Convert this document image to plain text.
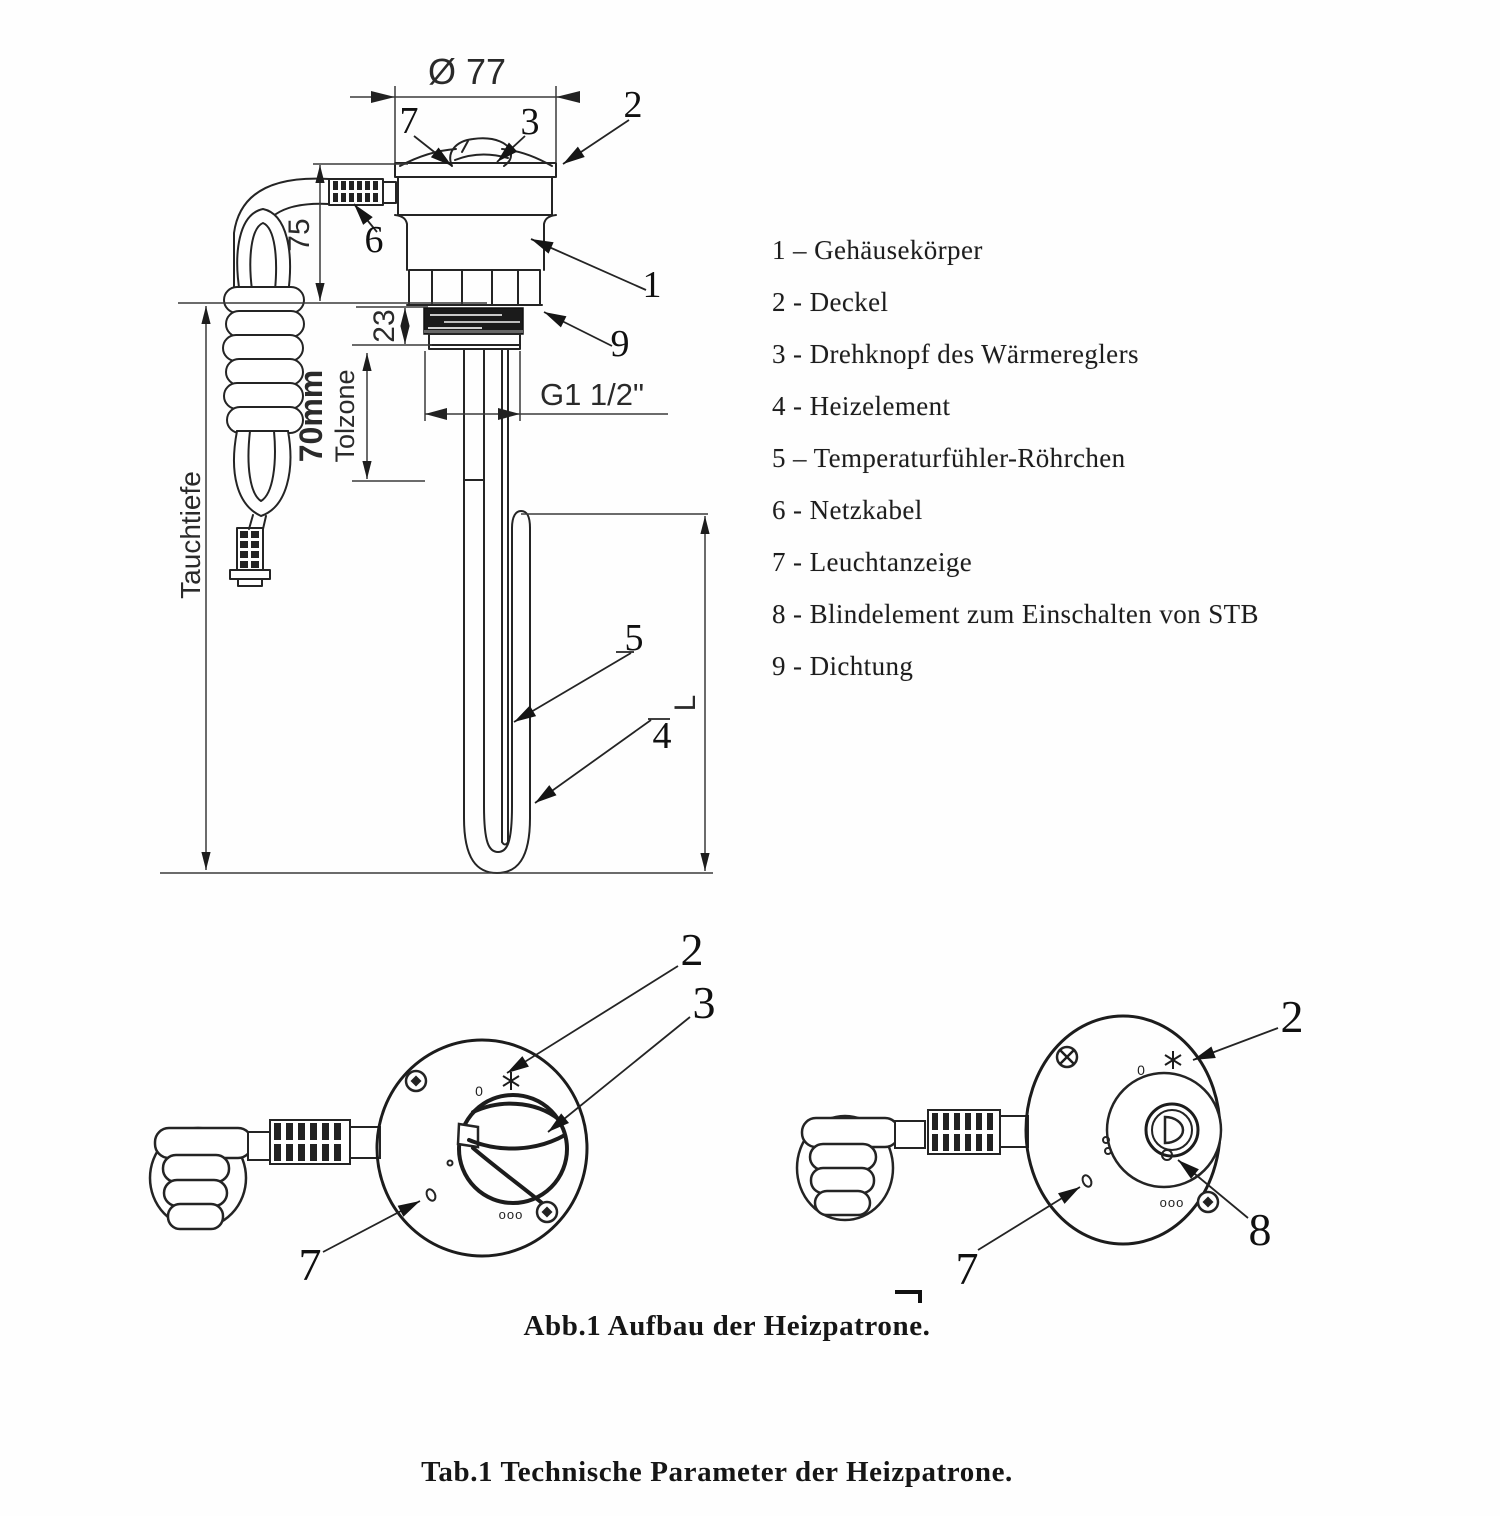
Ø 77
75
Tauchtiefe
23
70mm Tolzone	G1 1/2"
L
7	3 2
6
1
9
5
4
0
ooo
2
3
7
0
ooo
2
8
7
1 – Gehäusekörper
2 - Deckel
3 - Drehknopf des Wärmereglers
4 - Heizelement
5 – Temperaturfühler-Röhrchen
6 - Netzkabel
7 - Leuchtanzeige
8 - Blindelement zum Einschalten von STB
9 - Dichtung
Abb.1 Aufbau der Heizpatrone.
Tab.1 Technische Parameter der Heizpatrone.
